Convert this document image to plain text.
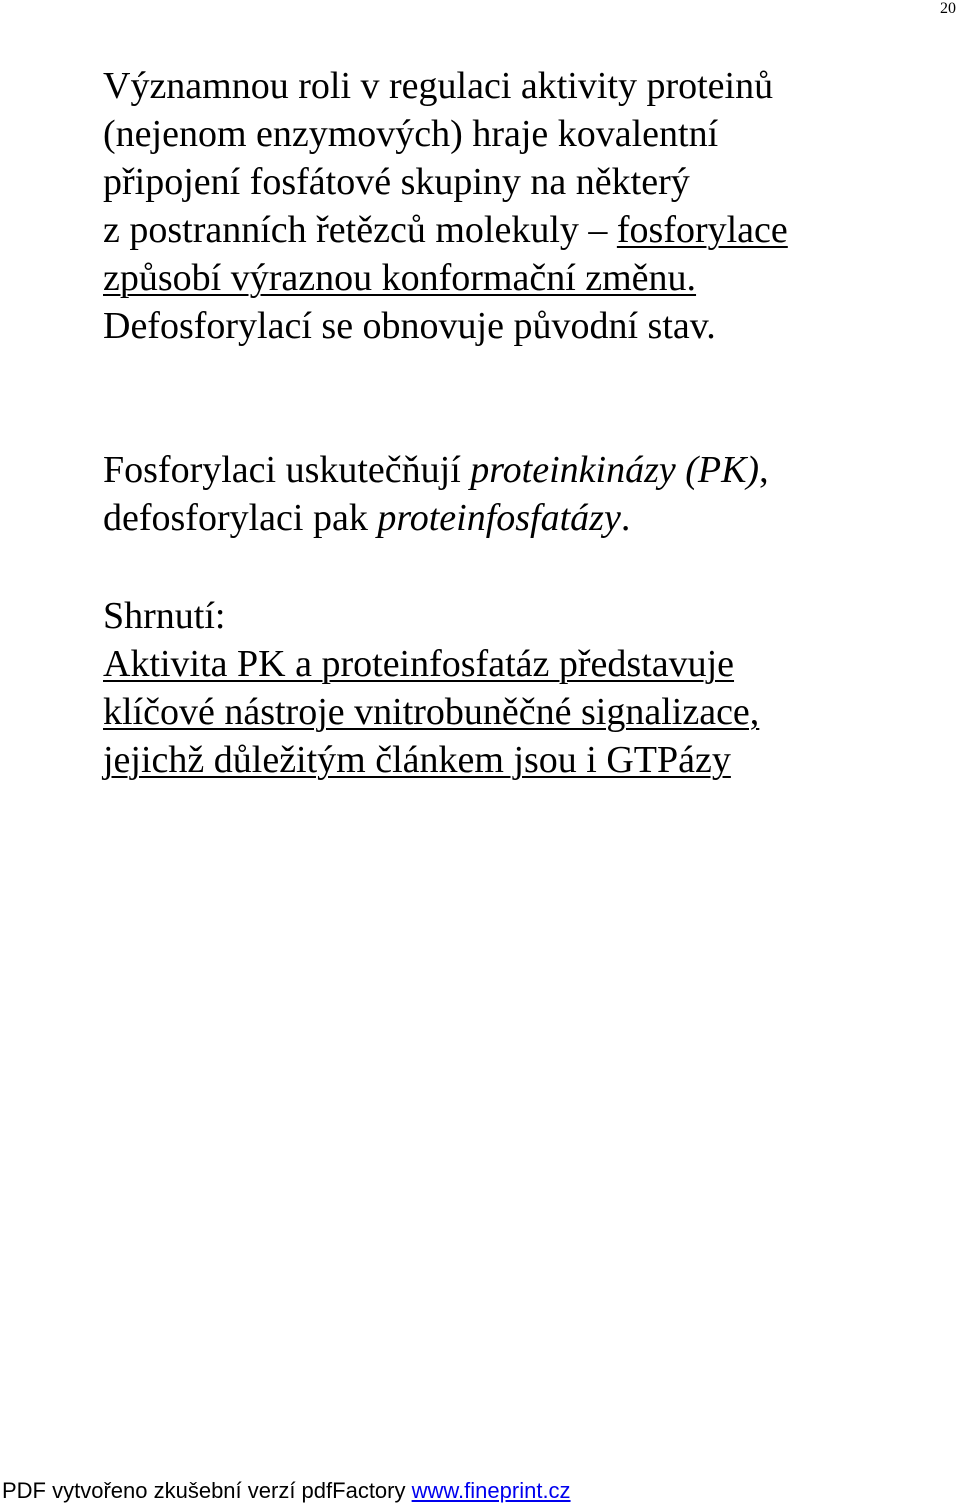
20
Významnou roli v regulaci aktivity proteinů
(nejenom enzymových) hraje kovalentní
připojení fosfátové skupiny na některý
z postranních řetězců molekuly – fosforylace
způsobí výraznou konformační změnu.
Defosforylací se obnovuje původní stav.
Fosforylaci uskutečňují proteinkinázy (PK),
defosforylaci pak proteinfosfatázy.
Shrnutí:
Aktivita PK a proteinfosfatáz představuje
klíčové nástroje vnitrobuněčné signalizace,
jejichž důležitým článkem jsou i GTPázy
PDF vytvořeno zkušební verzí pdfFactory www.fineprint.cz
